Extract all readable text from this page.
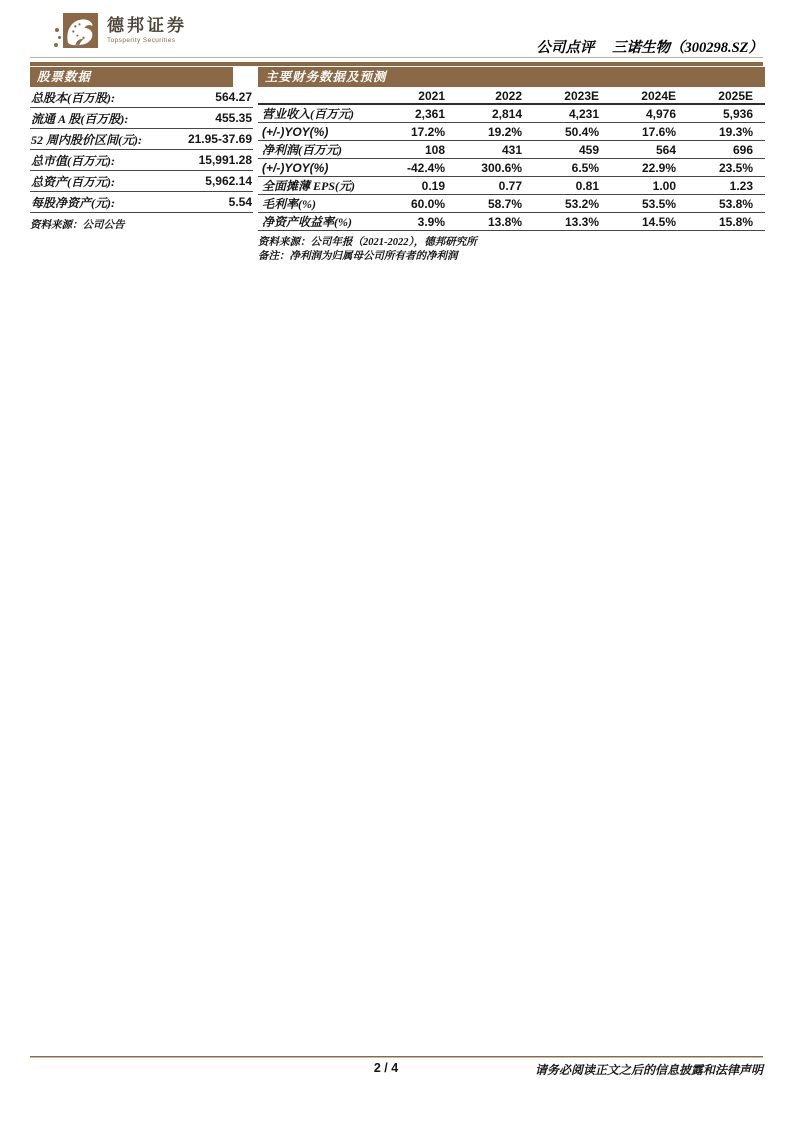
德邦证券
Topsperity Securities	公司点评 三诺生物（300298.SZ）
股票数据
总股本(百万股):	564.27
流通 A 股(百万股):	455.35
52 周内股价区间(元):	21.95-37.69
总市值(百万元):	15,991.28
总资产(百万元):	5,962.14
每股净资产(元):	5.54
资料来源：公司公告
主要财务数据及预测
2021	2022	2023E	2024E	2025E
营业收入(百万元)	2,361	2,814	4,231	4,976	5,936
(+/-)YOY(%)	17.2%	19.2%	50.4%	17.6%	19.3%
净利润(百万元)	108	431	459	564	696
(+/-)YOY(%)	-42.4%	300.6%	6.5%	22.9%	23.5%
全面摊薄 EPS(元)	0.19	0.77	0.81	1.00	1.23
毛利率(%)	60.0%	58.7%	53.2%	53.5%	53.8%
净资产收益率(%)	3.9%	13.8%	13.3%	14.5%	15.8%
资料来源：公司年报（2021-2022），德邦研究所
备注：净利润为归属母公司所有者的净利润
2 / 4	请务必阅读正文之后的信息披露和法律声明
